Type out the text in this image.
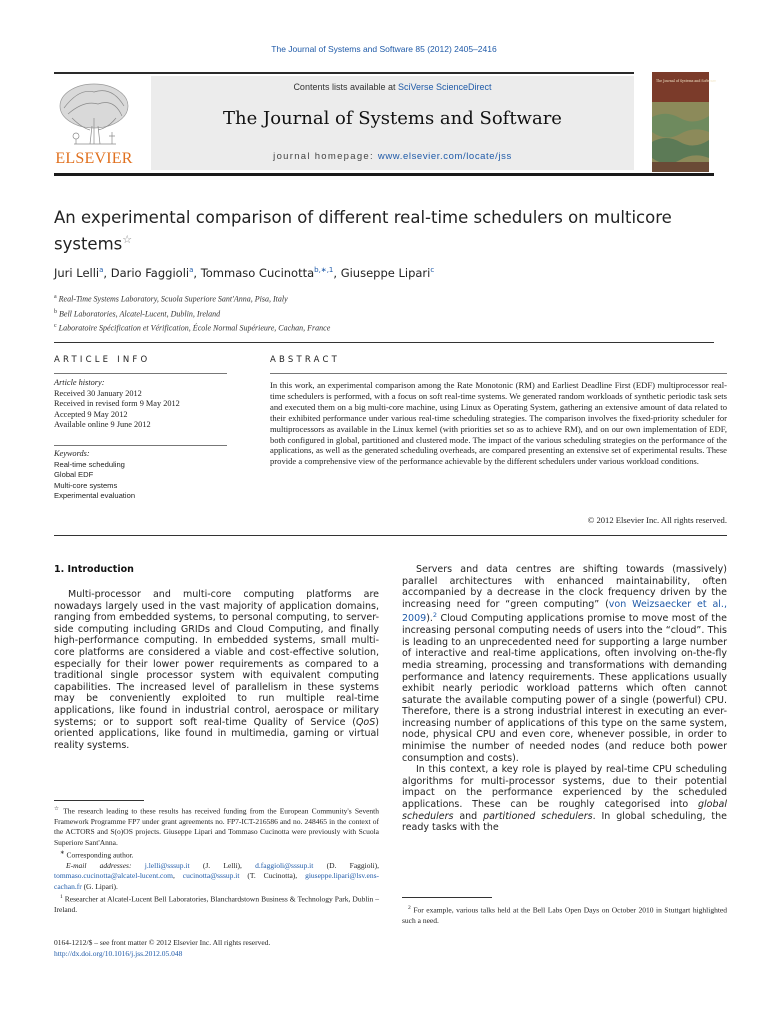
The Journal of Systems and Software 85 (2012) 2405–2416
ELSEVIER
Contents lists available at SciVerse ScienceDirect
The Journal of Systems and Software
journal homepage: www.elsevier.com/locate/jss
The Journal of Systems and Software
An experimental comparison of different real-time schedulers on multicore systems☆
Juri Lelli$^a$, Dario Faggioli$^a$, Tommaso Cucinotta$^{b,∗,1}$, Giuseppe Lipari$^c$
$^a$ Real-Time Systems Laboratory, Scuola Superiore Sant'Anna, Pisa, Italy
$^b$ Bell Laboratories, Alcatel-Lucent, Dublin, Ireland
$^c$ Laboratoire Spécification et Vérification, École Normal Supérieure, Cachan, France
ARTICLE INFO
Article history:
Received 30 January 2012
Received in revised form 9 May 2012
Accepted 9 May 2012
Available online 9 June 2012
Keywords:
Real-time scheduling
Global EDF
Multi-core systems
Experimental evaluation
ABSTRACT
In this work, an experimental comparison among the Rate Monotonic (RM) and Earliest Deadline First (EDF) multiprocessor real-time schedulers is performed, with a focus on soft real-time systems. We generated random workloads of synthetic periodic task sets and executed them on a big multi-core machine, using Linux as Operating System, gathering an extensive amount of data related to their exhibited performance under various real-time scheduling strategies. The comparison involves the fixed-priority scheduler for multiprocessors as available in the Linux kernel (with priorities set so as to achieve RM), and on our own implementation of EDF, both configured in global, partitioned and clustered mode. The impact of the various scheduling strategies on the performance of the applications, as well as the generated scheduling overheads, are compared presenting an extensive set of experimental results. These provide a comprehensive view of the performance achievable by the different schedulers under various workload conditions.
© 2012 Elsevier Inc. All rights reserved.
1. Introduction

Multi-processor and multi-core computing platforms are nowadays largely used in the vast majority of application domains, ranging from embedded systems, to personal computing, to server-side computing including GRIDs and Cloud Computing, and finally high-performance computing. In embedded systems, small multi-core platforms are considered a viable and cost-effective solution, especially for their lower power requirements as compared to a traditional single processor system with equivalent computing capabilities. The increased level of parallelism in these systems may be conveniently exploited to run multiple real-time applications, like found in industrial control, aerospace or military systems; or to support soft real-time Quality of Service (QoS) oriented applications, like found in multimedia, gaming or virtual reality systems.

Servers and data centres are shifting towards (massively) parallel architectures with enhanced maintainability, often accompanied by a decrease in the clock frequency driven by the increasing need for “green computing” (von Weizsaecker et al., 2009).$^2$ Cloud Computing applications promise to move most of the increasing personal computing needs of users into the “cloud”. This is leading to an unprecedented need for supporting a large number of interactive and real-time applications, often involving on-the-fly media streaming, processing and transformations with demanding performance and latency requirements. These applications usually exhibit nearly periodic workload patterns which often cannot saturate the available computing power of a single (powerful) CPU. Therefore, there is a strong industrial interest in executing an ever-increasing number of applications of this type on the same system, node, physical CPU and even core, whenever possible, in order to minimise the number of needed nodes (and reduce both power consumption and costs).

In this context, a key role is played by real-time CPU scheduling algorithms for multi-processor systems, due to their potential impact on the performance experienced by the scheduled applications. These can be roughly categorised into global schedulers and partitioned schedulers. In global scheduling, the ready tasks with the

☆ The research leading to these results has received funding from the European Community's Seventh Framework Programme FP7 under grant agreements no. FP7-ICT-216586 and no. 248465 in the context of the ACTORS and S(o)OS projects. Giuseppe Lipari and Tommaso Cucinotta were previously with Scuola Superiore Sant'Anna.

∗ Corresponding author.

E-mail addresses: j.lelli@sssup.it (J. Lelli), d.faggioli@sssup.it (D. Faggioli), tommaso.cucinotta@alcatel-lucent.com, cucinotta@sssup.it (T. Cucinotta), giuseppe.lipari@lsv.ens-cachan.fr (G. Lipari).

$^1$ Researcher at Alcatel-Lucent Bell Laboratories, Blanchardstown Business & Technology Park, Dublin – Ireland.	$^2$ For example, various talks held at the Bell Labs Open Days on October 2010 in Stuttgart highlighted such a need.

0164-1212/$ – see front matter © 2012 Elsevier Inc. All rights reserved.
http://dx.doi.org/10.1016/j.jss.2012.05.048
